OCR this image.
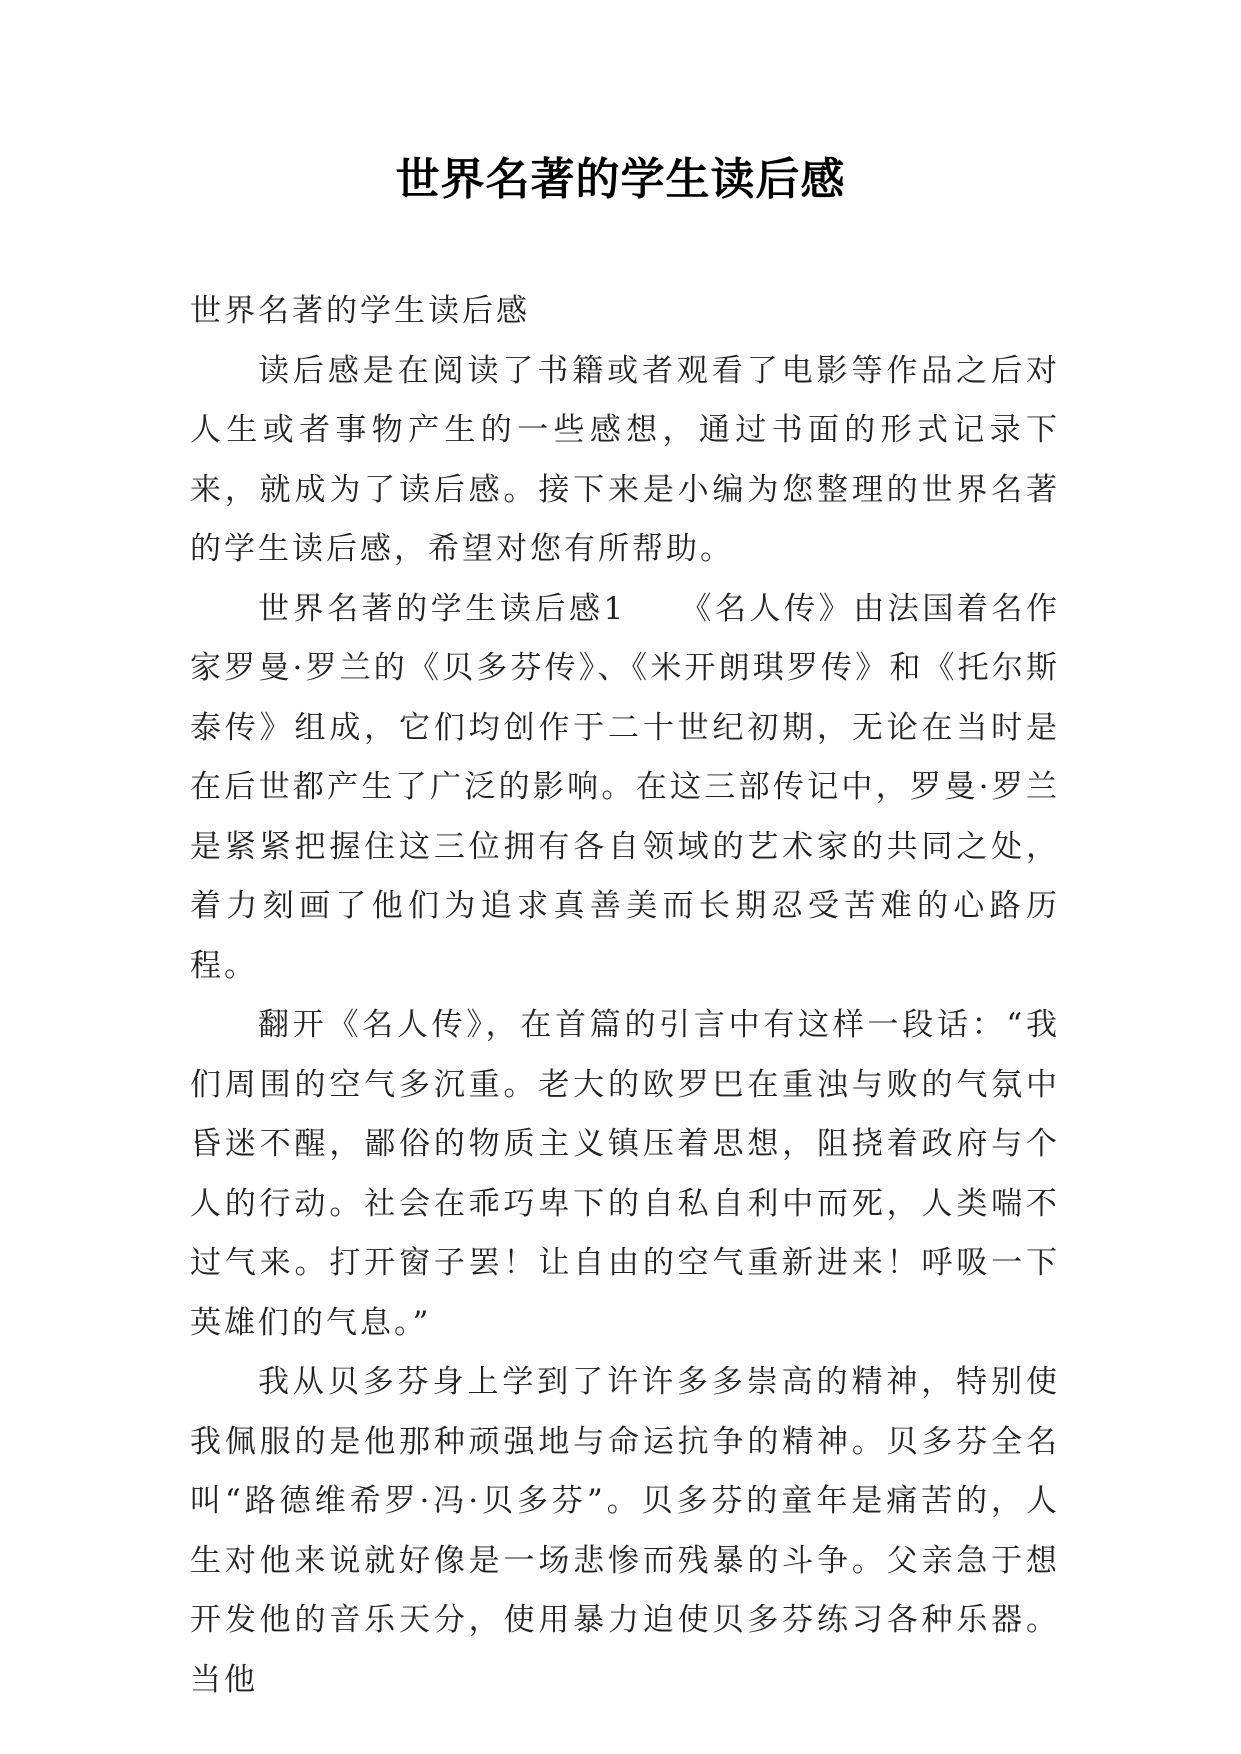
世界名著的学生读后感

世界名著的学生读后感

读后感是在阅读了书籍或者观看了电影等作品之后对人生或者事物产生的一些感想，通过书面的形式记录下来，就成为了读后感。接下来是小编为您整理的世界名著的学生读后感，希望对您有所帮助。

世界名著的学生读后感1　　《名人传》由法国着名作家罗曼·罗兰的《贝多芬传》、《米开朗琪罗传》和《托尔斯泰传》组成，它们均创作于二十世纪初期，无论在当时是在后世都产生了广泛的影响。在这三部传记中，罗曼·罗兰是紧紧把握住这三位拥有各自领域的艺术家的共同之处，着力刻画了他们为追求真善美而长期忍受苦难的心路历程。

翻开《名人传》，在首篇的引言中有这样一段话：“我们周围的空气多沉重。老大的欧罗巴在重浊与败的气氛中昏迷不醒，鄙俗的物质主义镇压着思想，阻挠着政府与个人的行动。社会在乖巧卑下的自私自利中而死，人类喘不过气来。打开窗子罢！让自由的空气重新进来！呼吸一下英雄们的气息。”

我从贝多芬身上学到了许许多多崇高的精神，特别使我佩服的是他那种顽强地与命运抗争的精神。贝多芬全名叫“路德维希罗·冯·贝多芬”。贝多芬的童年是痛苦的，人生对他来说就好像是一场悲惨而残暴的斗争。父亲急于想开发他的音乐天分，使用暴力迫使贝多芬练习各种乐器。当他
